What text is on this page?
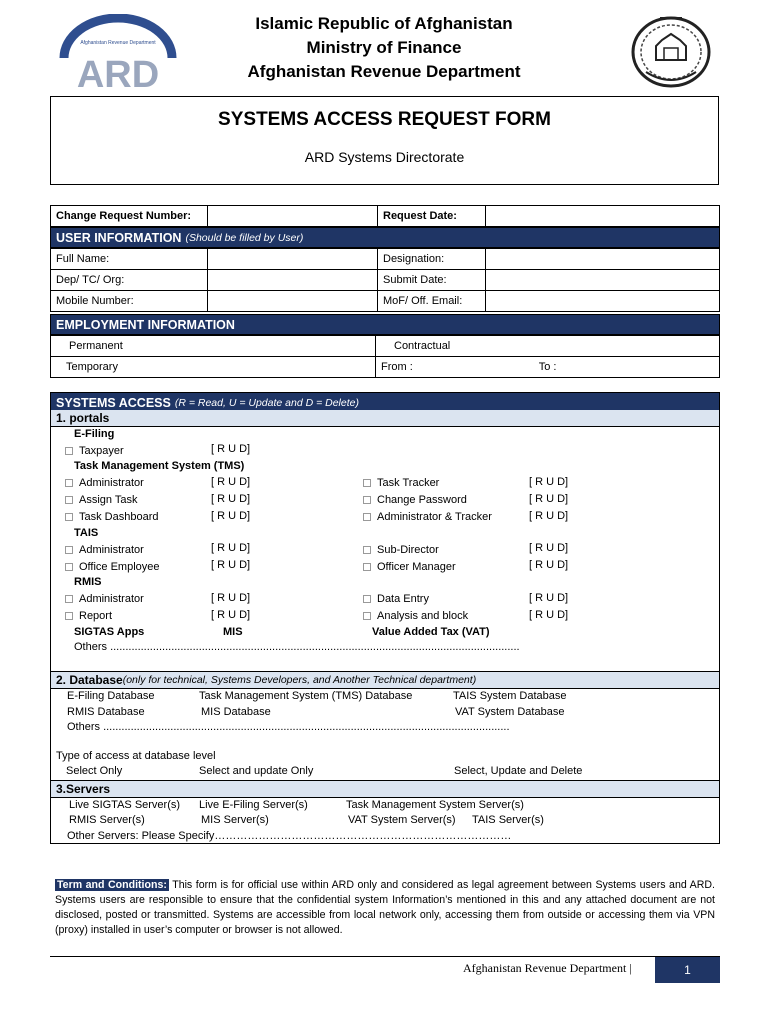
Afghanistan Revenue Department
ARD
Islamic Republic of Afghanistan
Ministry of Finance
Afghanistan Revenue Department
SYSTEMS ACCESS REQUEST FORM
ARD Systems Directorate
Change Request Number:		Request Date:	
USER INFORMATION (Should be filled by User)
Full Name:		Designation:	
Dep/ TC/ Org:		Submit Date:	
Mobile Number:		MoF/ Off. Email:	
EMPLOYMENT INFORMATION
Permanent	Contractual
Temporary	From : To :
SYSTEMS ACCESS (R = Read, U = Update and D = Delete)
1. portals
E-Filing
Taxpayer	[ R U D]
Task Management System (TMS)
Administrator	[ R U D]	Task Tracker	[ R U D]
Assign Task	[ R U D]	Change Password	[ R U D]
Task Dashboard	[ R U D]	Administrator & Tracker	[ R U D]
TAIS
Administrator	[ R U D]	Sub-Director	[ R U D]
Office Employee	[ R U D]	Officer Manager	[ R U D]
RMIS
Administrator	[ R U D]	Data Entry	[ R U D]
Report	[ R U D]	Analysis and block	[ R U D]
SIGTAS Apps	MIS	Value Added Tax (VAT)
Others ......................................................................................................................................
2. Database (only for technical, Systems Developers, and Another Technical department)
E-Filing Database	Task Management System (TMS) Database	TAIS System Database
RMIS Database	MIS Database	VAT System Database
Others .....................................................................................................................................
Type of access at database level
Select Only	Select and update Only	Select, Update and Delete
3.Servers
Live SIGTAS Server(s) Live E-Filing Server(s)	Task Management System Server(s)
RMIS Server(s)	MIS Server(s)	VAT System Server(s) TAIS Server(s)
Other Servers: Please Specify………………………………………………………………………
Term and Conditions: This form is for official use within ARD only and considered as legal agreement between Systems users and ARD. Systems users are responsible to ensure that the confidential system Information’s mentioned in this and any attached document are not disclosed, posted or transmitted. Systems are accessible from local network only, accessing them from outside or accessing them via VPN (proxy) installed in user’s computer or browser is not allowed.
Afghanistan Revenue Department |	1
